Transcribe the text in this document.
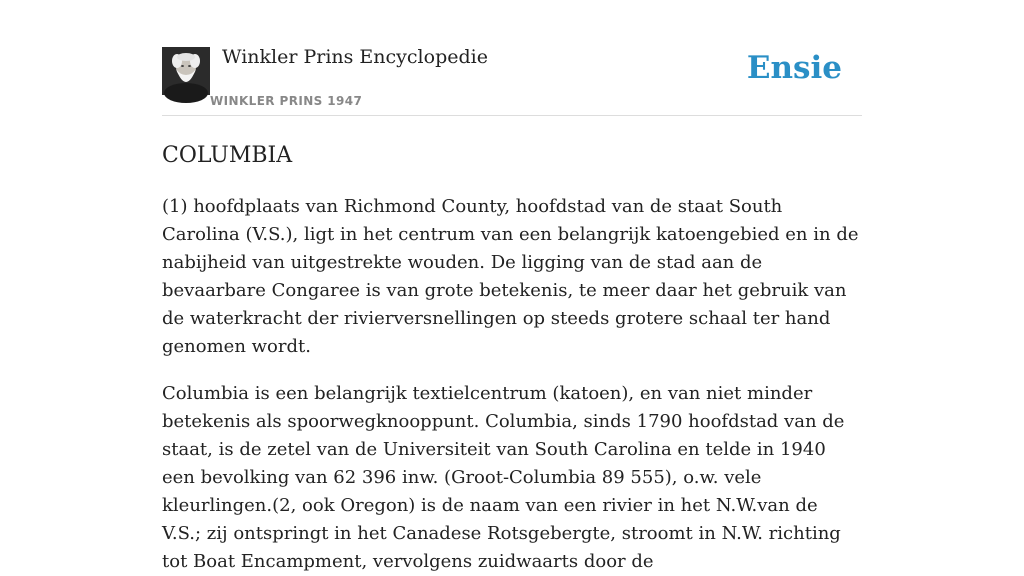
Winkler Prins Encyclopedie
WINKLER PRINS 1947
Ensie
COLUMBIA

(1) hoofdplaats van Richmond County, hoofdstad van de staat South Carolina (V.S.), ligt in het centrum van een belangrijk katoengebied en in de nabijheid van uitgestrekte wouden. De ligging van de stad aan de bevaarbare Congaree is van grote betekenis, te meer daar het gebruik van de waterkracht der rivierversnellingen op steeds grotere schaal ter hand genomen wordt.

Columbia is een belangrijk textielcentrum (katoen), en van niet minder betekenis als spoorwegknooppunt. Columbia, sinds 1790 hoofdstad van de staat, is de zetel van de Universiteit van South Carolina en telde in 1940 een bevolking van 62 396 inw. (Groot-Columbia 89 555), o.w. vele kleurlingen.(2, ook Oregon) is de naam van een rivier in het N.W.van de V.S.; zij ontspringt in het Canadese Rotsgebergte, stroomt in N.W. richting tot Boat Encampment, vervolgens zuidwaarts door de
